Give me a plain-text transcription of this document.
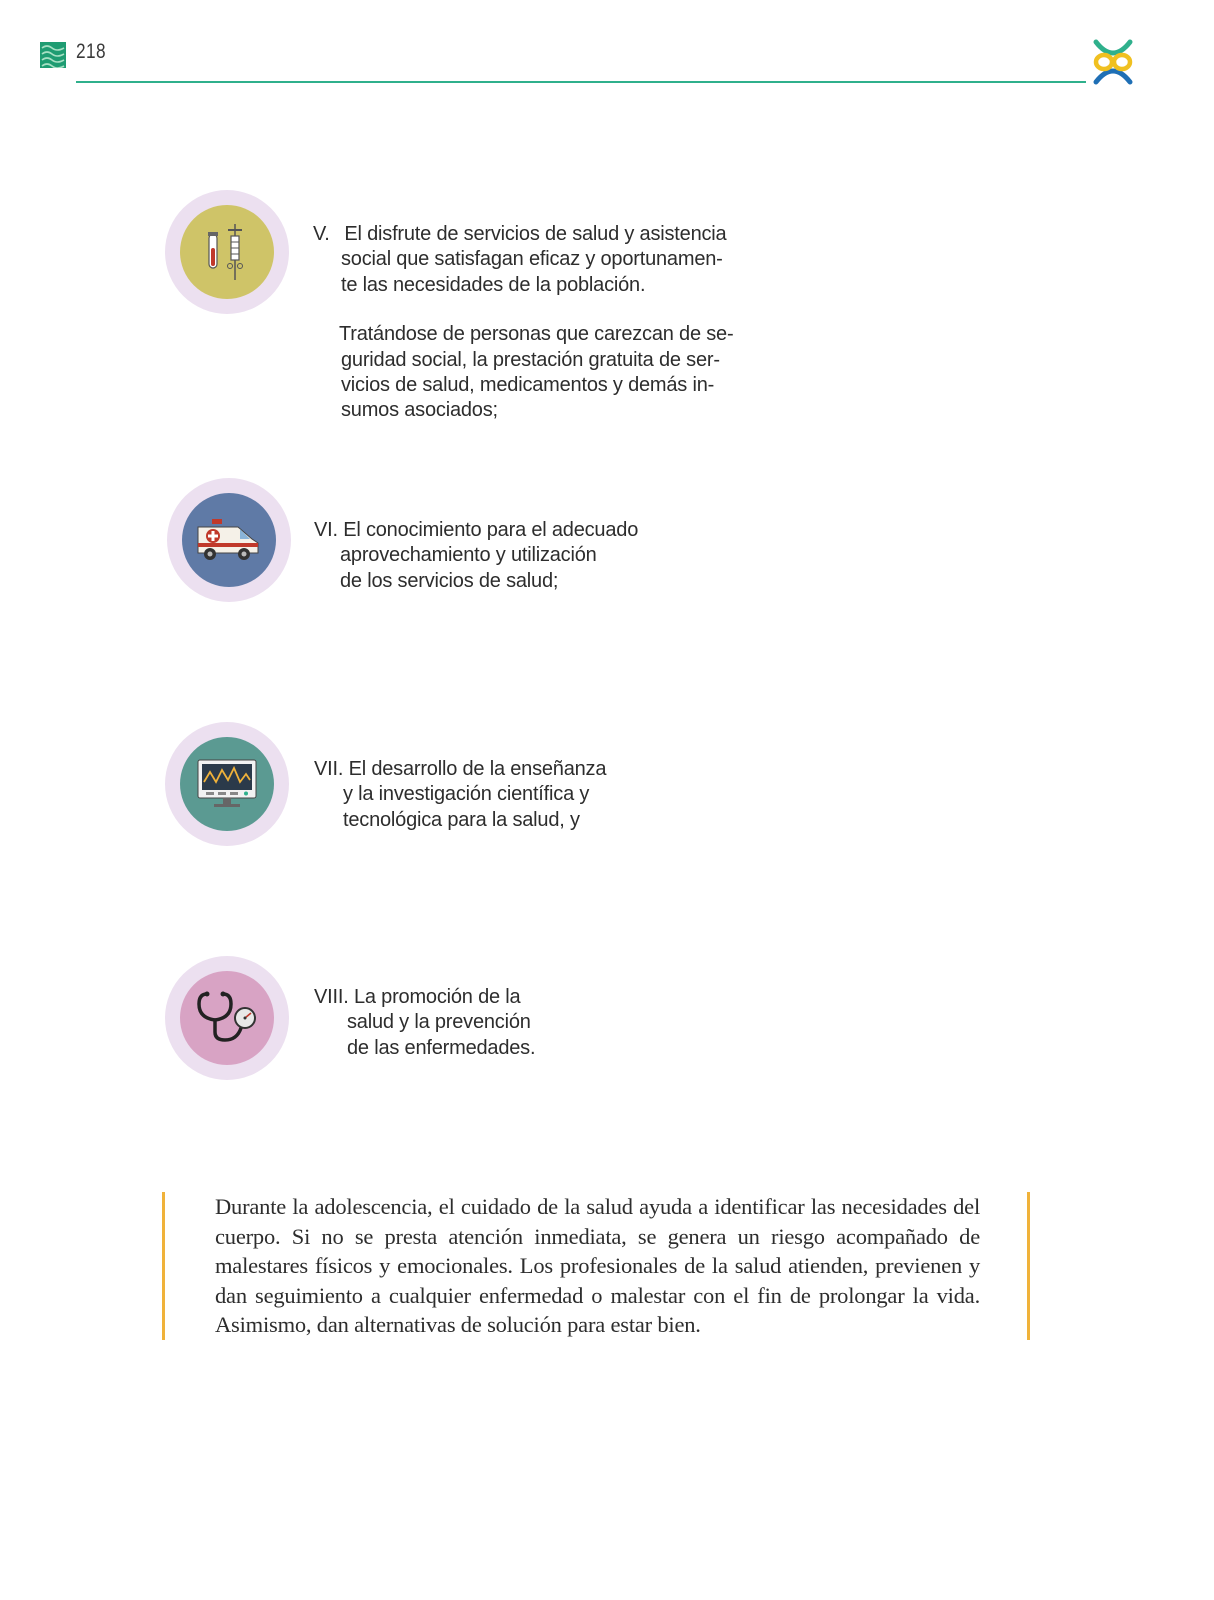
218
V. El disfrute de servicios de salud y asistencia
social que satisfagan eficaz y oportunamen-
te las necesidades de la población.
Tratándose de personas que carezcan de se-
guridad social, la prestación gratuita de ser-
vicios de salud, medicamentos y demás in-
sumos asociados;
VI. El conocimiento para el adecuado
aprovechamiento y utilización
de los servicios de salud;
VII. El desarrollo de la enseñanza
y la investigación científica y
tecnológica para la salud, y
VIII. La promoción de la
salud y la prevención
de las enfermedades.
Durante la adolescencia, el cuidado de la salud ayuda a identificar las necesidades del cuerpo. Si no se presta atención inmediata, se genera un riesgo acompañado de malestares físicos y emocionales. Los profesionales de la salud atienden, previenen y dan seguimiento a cualquier enfermedad o malestar con el fin de prolongar la vida. Asimismo, dan alternativas de solución para estar bien.
